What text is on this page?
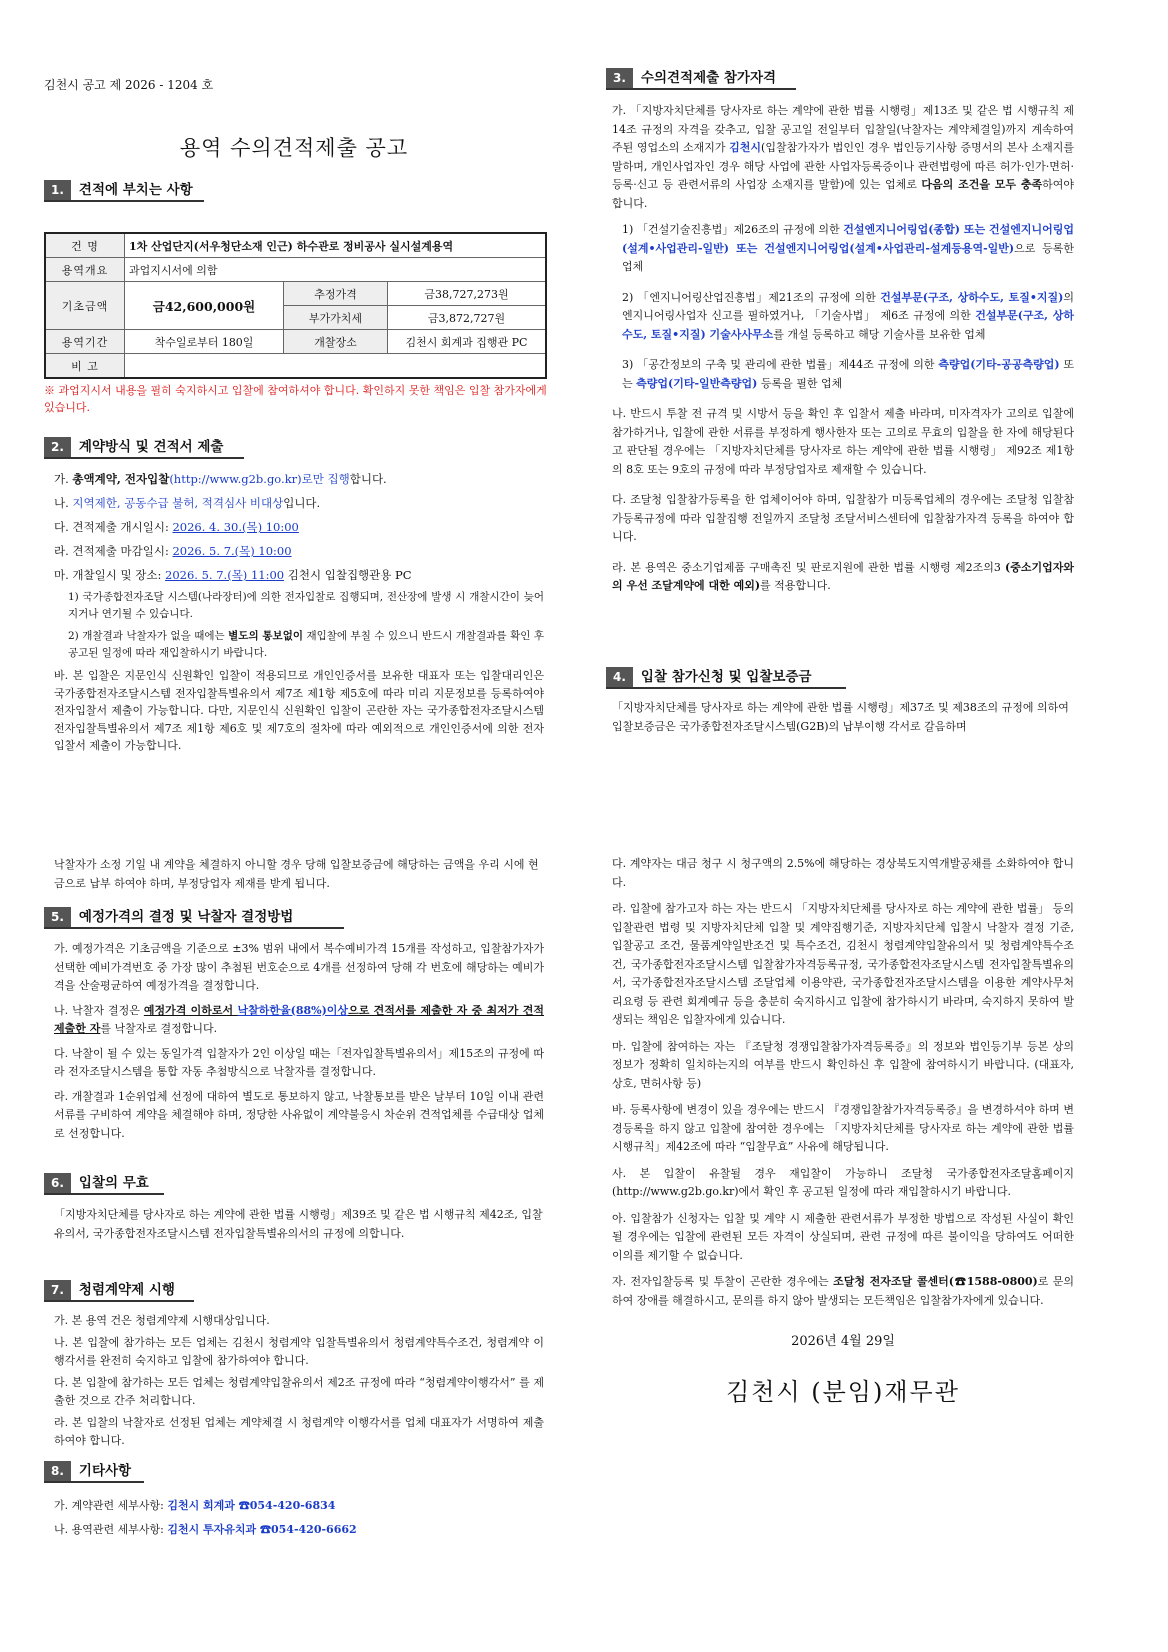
김천시 공고 제 2026 - 1204 호
용역 수의견적제출 공고
1.	견적에 부치는 사항
건 명	1차 산업단지(서우청단소재 인근) 하수관로 정비공사 실시설계용역		
용역개요	과업지시서에 의함		
기초금액	금42,600,000원	추정가격	금38,727,273원
		부가가치세	금3,872,727원
용역기간	착수일로부터 180일	개찰장소	김천시 회계과 집행관 PC
비 고			
※ 과업지시서 내용을 필히 숙지하시고 입찰에 참여하셔야 합니다. 확인하지 못한 책임은 입찰 참가자에게 있습니다.
2.	계약방식 및 견적서 제출

가. 총액계약, 전자입찰(http://www.g2b.go.kr)로만 집행합니다.

나. 지역제한, 공동수급 불허, 적격심사 비대상입니다.

다. 견적제출 개시일시: 2026. 4. 30.(목) 10:00

라. 견적제출 마감일시: 2026. 5. 7.(목) 10:00

마. 개찰일시 및 장소: 2026. 5. 7.(목) 11:00 김천시 입찰집행관용 PC

1) 국가종합전자조달 시스템(나라장터)에 의한 전자입찰로 집행되며, 전산장에 발생 시 개찰시간이 늦어지거나 연기될 수 있습니다.

2) 개찰결과 낙찰자가 없을 때에는 별도의 통보없이 재입찰에 부칠 수 있으니 반드시 개찰결과를 확인 후 공고된 일정에 따라 재입찰하시기 바랍니다.

바. 본 입찰은 지문인식 신원확인 입찰이 적용되므로 개인인증서를 보유한 대표자 또는 입찰대리인은 국가종합전자조달시스템 전자입찰특별유의서 제7조 제1항 제5호에 따라 미리 지문정보를 등록하여야 전자입찰서 제출이 가능합니다. 다만, 지문인식 신원확인 입찰이 곤란한 자는 국가종합전자조달시스템 전자입찰특별유의서 제7조 제1항 제6호 및 제7호의 절차에 따라 예외적으로 개인인증서에 의한 전자입찰서 제출이 가능합니다.

3.	수의견적제출 참가자격

가. 「지방자치단체를 당사자로 하는 계약에 관한 법률 시행령」제13조 및 같은 법 시행규칙 제14조 규정의 자격을 갖추고, 입찰 공고일 전일부터 입찰일(낙찰자는 계약체결일)까지 계속하여 주된 영업소의 소재지가 김천시(입찰참가자가 법인인 경우 법인등기사항 증명서의 본사 소재지를 말하며, 개인사업자인 경우 해당 사업에 관한 사업자등록증이나 관련법령에 따른 허가·인가·면허·등록·신고 등 관련서류의 사업장 소재지를 말함)에 있는 업체로 다음의 조건을 모두 충족하여야 합니다.

1) 「건설기술진흥법」제26조의 규정에 의한 건설엔지니어링업(종합) 또는 건설엔지니어링업(설계•사업관리-일반) 또는 건설엔지니어링업(설계•사업관리-설계등용역-일반)으로 등록한 업체

2) 「엔지니어링산업진흥법」제21조의 규정에 의한 건설부문(구조, 상하수도, 토질•지질)의 엔지니어링사업자 신고를 필하였거나, 「기술사법」 제6조 규정에 의한 건설부문(구조, 상하수도, 토질•지질) 기술사사무소를 개설 등록하고 해당 기술사를 보유한 업체

3) 「공간정보의 구축 및 관리에 관한 법률」제44조 규정에 의한 측량업(기타-공공측량업) 또는 측량업(기타-일반측량업) 등록을 필한 업체

나. 반드시 투찰 전 규격 및 시방서 등을 확인 후 입찰서 제출 바라며, 미자격자가 고의로 입찰에 참가하거나, 입찰에 관한 서류를 부정하게 행사한자 또는 고의로 무효의 입찰을 한 자에 해당된다고 판단될 경우에는 「지방자치단체를 당사자로 하는 계약에 관한 법률 시행령」 제92조 제1항의 8호 또는 9호의 규정에 따라 부정당업자로 제재할 수 있습니다.

다. 조달청 입찰참가등록을 한 업체이어야 하며, 입찰참가 미등록업체의 경우에는 조달청 입찰참가등록규정에 따라 입찰집행 전일까지 조달청 조달서비스센터에 입찰참가자격 등록을 하여야 합니다.

라. 본 용역은 중소기업제품 구매촉진 및 판로지원에 관한 법률 시행령 제2조의3 (중소기업자와의 우선 조달계약에 대한 예외)를 적용합니다.

4.	입찰 참가신청 및 입찰보증금
「지방자치단체를 당사자로 하는 계약에 관한 법률 시행령」제37조 및 제38조의 규정에 의하여 입찰보증금은 국가종합전자조달시스템(G2B)의 납부이행 각서로 갈음하며
낙찰자가 소정 기일 내 계약을 체결하지 아니할 경우 당해 입찰보증금에 해당하는 금액을 우리 시에 현금으로 납부 하여야 하며, 부정당업자 제재를 받게 됩니다.
5.	예정가격의 결정 및 낙찰자 결정방법

가. 예정가격은 기초금액을 기준으로 ±3% 범위 내에서 복수예비가격 15개를 작성하고, 입찰참가자가 선택한 예비가격번호 중 가장 많이 추첨된 번호순으로 4개를 선정하여 당해 각 번호에 해당하는 예비가격을 산술평균하여 예정가격을 결정합니다.

나. 낙찰자 결정은 예정가격 이하로서 낙찰하한율(88%)이상으로 견적서를 제출한 자 중 최저가 견적 제출한 자를 낙찰자로 결정합니다.

다. 낙찰이 될 수 있는 동일가격 입찰자가 2인 이상일 때는「전자입찰특별유의서」제15조의 규정에 따라 전자조달시스템을 통합 자동 추첨방식으로 낙찰자를 결정합니다.

라. 개찰결과 1순위업체 선정에 대하여 별도로 통보하지 않고, 낙찰통보를 받은 날부터 10일 이내 관련서류를 구비하여 계약을 체결해야 하며, 정당한 사유없이 계약불응시 차순위 견적업체를 수급대상 업체로 선정합니다.

6.	입찰의 무효
「지방자치단체를 당사자로 하는 계약에 관한 법률 시행령」제39조 및 같은 법 시행규칙 제42조, 입찰유의서, 국가종합전자조달시스템 전자입찰특별유의서의 규정에 의합니다.
7.	청렴계약제 시행

가. 본 용역 건은 청렴계약제 시행대상입니다.

나. 본 입찰에 참가하는 모든 업체는 김천시 청렴계약 입찰특별유의서 청렴계약특수조건, 청렴계약 이행각서를 완전히 숙지하고 입찰에 참가하여야 합니다.

다. 본 입찰에 참가하는 모든 업체는 청렴계약입찰유의서 제2조 규정에 따라 “청렴계약이행각서” 를 제출한 것으로 간주 처리합니다.

라. 본 입찰의 낙찰자로 선정된 업체는 계약체결 시 청렴계약 이행각서를 업체 대표자가 서명하여 제출하여야 합니다.

8.	기타사항
가. 계약관련 세부사항: 김천시 회계과 ☎054-420-6834
나. 용역관련 세부사항: 김천시 투자유치과 ☎054-420-6662

다. 계약자는 대금 청구 시 청구액의 2.5%에 해당하는 경상북도지역개발공채를 소화하여야 합니다.

라. 입찰에 참가고자 하는 자는 반드시 「지방자치단체를 당사자로 하는 계약에 관한 법률」 등의 입찰관련 법령 및 지방자치단체 입찰 및 계약집행기준, 지방자치단체 입찰시 낙찰자 결정 기준, 입찰공고 조건, 물품계약일반조건 및 특수조건, 김천시 청렴계약입찰유의서 및 청렴계약특수조건, 국가종합전자조달시스템 입찰참가자격등록규정, 국가종합전자조달시스템 전자입찰특별유의서, 국가종합전자조달시스템 조달업체 이용약관, 국가종합전자조달시스템을 이용한 계약사무처리요령 등 관련 회계예규 등을 충분히 숙지하시고 입찰에 참가하시기 바라며, 숙지하지 못하여 발생되는 책임은 입찰자에게 있습니다.

마. 입찰에 참여하는 자는 『조달청 경쟁입찰참가자격등록증』의 정보와 법인등기부 등본 상의 정보가 정확히 일치하는지의 여부를 반드시 확인하신 후 입찰에 참여하시기 바랍니다. (대표자, 상호, 면허사항 등)

바. 등록사항에 변경이 있을 경우에는 반드시 『경쟁입찰참가자격등록증』을 변경하셔야 하며 변경등록을 하지 않고 입찰에 참여한 경우에는 「지방자치단체를 당사자로 하는 계약에 관한 법률 시행규칙」제42조에 따라 “입찰무효” 사유에 해당됩니다.

사. 본 입찰이 유찰될 경우 재입찰이 가능하니 조달청 국가종합전자조달홈페이지(http://www.g2b.go.kr)에서 확인 후 공고된 일정에 따라 재입찰하시기 바랍니다.

아. 입찰참가 신청자는 입찰 및 계약 시 제출한 관련서류가 부정한 방법으로 작성된 사실이 확인될 경우에는 입찰에 관련된 모든 자격이 상실되며, 관련 규정에 따른 불이익을 당하여도 어떠한 이의를 제기할 수 없습니다.

자. 전자입찰등록 및 투찰이 곤란한 경우에는 조달청 전자조달 콜센터(☎1588-0800)로 문의하여 장애를 해결하시고, 문의를 하지 않아 발생되는 모든책임은 입찰참가자에게 있습니다.

2026년 4월 29일
김천시 (분임)재무관
